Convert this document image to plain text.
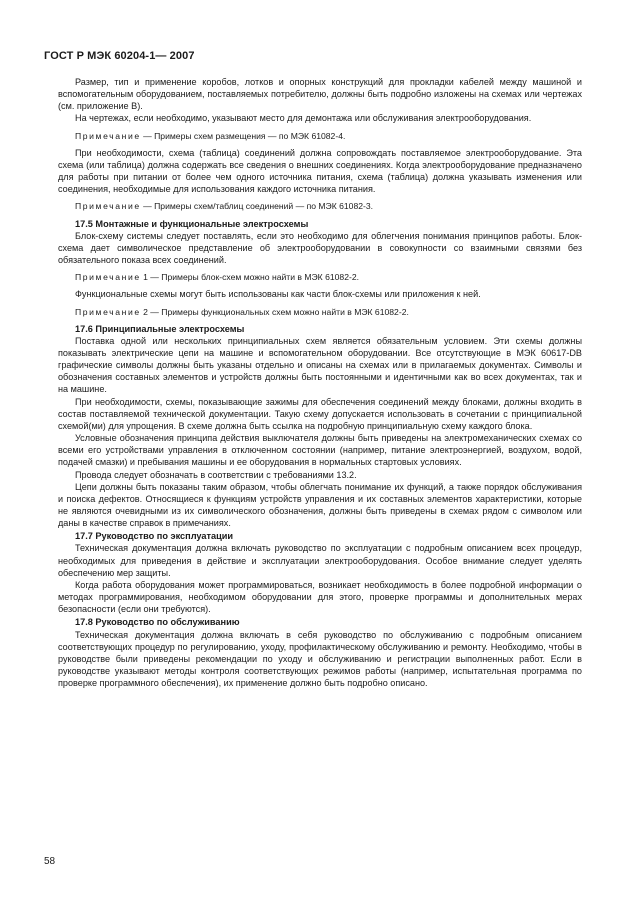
ГОСТ Р МЭК 60204-1— 2007

Размер, тип и применение коробов, лотков и опорных конструкций для прокладки кабелей между машиной и вспомогательным оборудованием, поставляемых потребителю, должны быть подробно изложены на схемах или чертежах (см. приложение В).

На чертежах, если необходимо, указывают место для демонтажа или обслуживания электрооборудования.

Примечание — Примеры схем размещения — по МЭК 61082-4.

При необходимости, схема (таблица) соединений должна сопровождать поставляемое электрооборудование. Эта схема (или таблица) должна содержать все сведения о внешних соединениях. Когда электрооборудование предназначено для работы при питании от более чем одного источника питания, схема (таблица) должна указывать изменения или соединения, необходимые для использования каждого источника питания.

Примечание — Примеры схем/таблиц соединений — по МЭК 61082-3.

17.5 Монтажные и функциональные электросхемы

Блок-схему системы следует поставлять, если это необходимо для облегчения понимания принципов работы. Блок-схема дает символическое представление об электрооборудовании в совокупности со взаимными связями без обязательного показа всех соединений.

Примечание 1 — Примеры блок-схем можно найти в МЭК 61082-2.

Функциональные схемы могут быть использованы как части блок-схемы или приложения к ней.

Примечание 2 — Примеры функциональных схем можно найти в МЭК 61082-2.

17.6 Принципиальные электросхемы

Поставка одной или нескольких принципиальных схем является обязательным условием. Эти схемы должны показывать электрические цепи на машине и вспомогательном оборудовании. Все отсутствующие в МЭК 60617-DB графические символы должны быть указаны отдельно и описаны на схемах или в прилагаемых документах. Символы и обозначения составных элементов и устройств должны быть постоянными и идентичными как во всех документах, так и на машине.

При необходимости, схемы, показывающие зажимы для обеспечения соединений между блоками, должны входить в состав поставляемой технической документации. Такую схему допускается использовать в сочетании с принципиальной схемой(ми) для упрощения. В схеме должна быть ссылка на подробную принципиальную схему каждого блока.

Условные обозначения принципа действия выключателя должны быть приведены на электромеханических схемах со всеми его устройствами управления в отключенном состоянии (например, питание электроэнергией, воздухом, водой, подачей смазки) и пребывания машины и ее оборудования в нормальных стартовых условиях.

Провода следует обозначать в соответствии с требованиями 13.2.

Цепи должны быть показаны таким образом, чтобы облегчать понимание их функций, а также порядок обслуживания и поиска дефектов. Относящиеся к функциям устройств управления и их составных элементов характеристики, которые не являются очевидными из их символического обозначения, должны быть приведены в схемах рядом с символом или даны в качестве справок в примечаниях.

17.7 Руководство по эксплуатации

Техническая документация должна включать руководство по эксплуатации с подробным описанием всех процедур, необходимых для приведения в действие и эксплуатации электрооборудования. Особое внимание следует уделять обеспечению мер защиты.

Когда работа оборудования может программироваться, возникает необходимость в более подробной информации о методах программирования, необходимом оборудовании для этого, проверке программы и дополнительных мерах безопасности (если они требуются).

17.8 Руководство по обслуживанию

Техническая документация должна включать в себя руководство по обслуживанию с подробным описанием соответствующих процедур по регулированию, уходу, профилактическому обслуживанию и ремонту. Необходимо, чтобы в руководстве были приведены рекомендации по уходу и обслуживанию и регистрации выполненных работ. Если в руководстве указывают методы контроля соответствующих режимов работы (например, испытательная программа по проверке программного обеспечения), их применение должно быть подробно описано.

58
